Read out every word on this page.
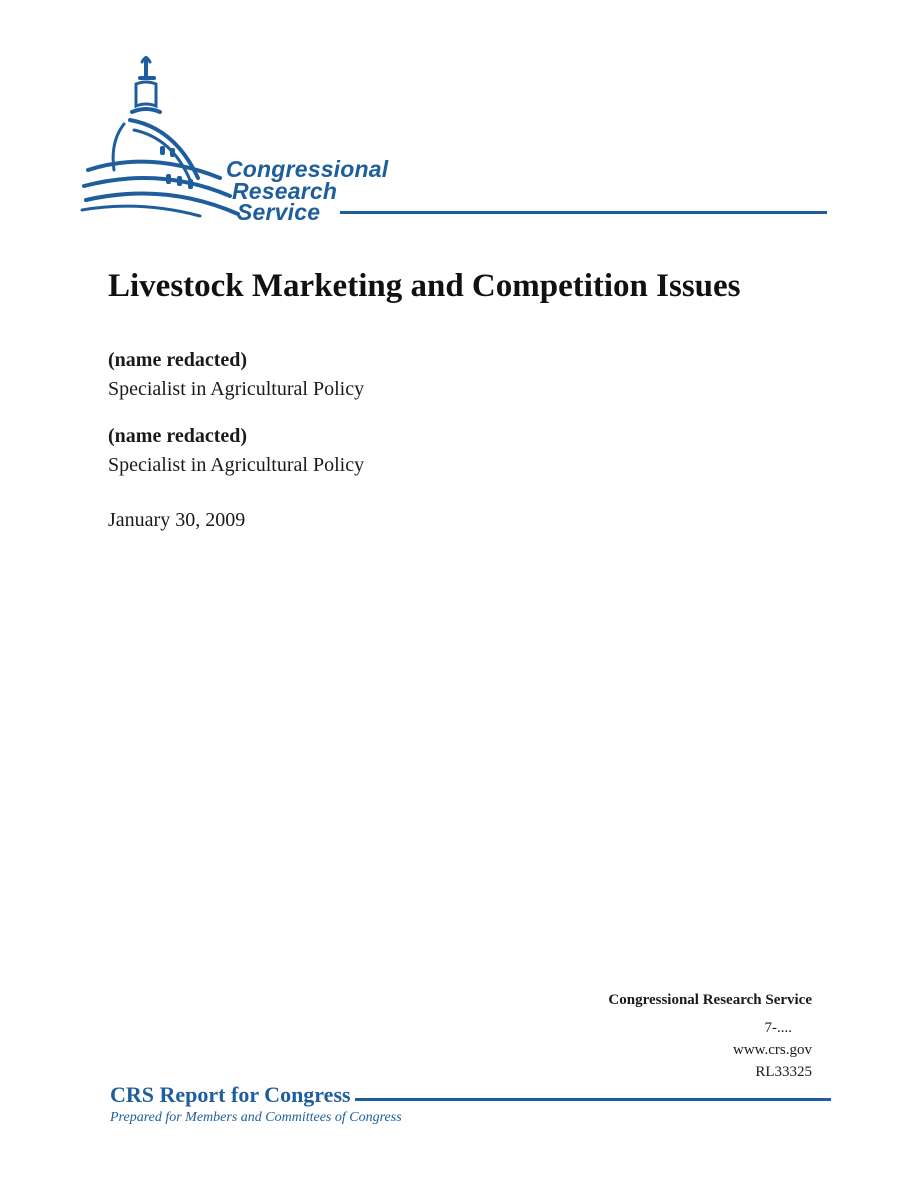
Congressional
Research
Service
Livestock Marketing and Competition Issues
(name redacted)
Specialist in Agricultural Policy
(name redacted)
Specialist in Agricultural Policy
January 30, 2009
Congressional Research Service
7-....
www.crs.gov
RL33325
CRS Report for Congress
Prepared for Members and Committees of Congress
